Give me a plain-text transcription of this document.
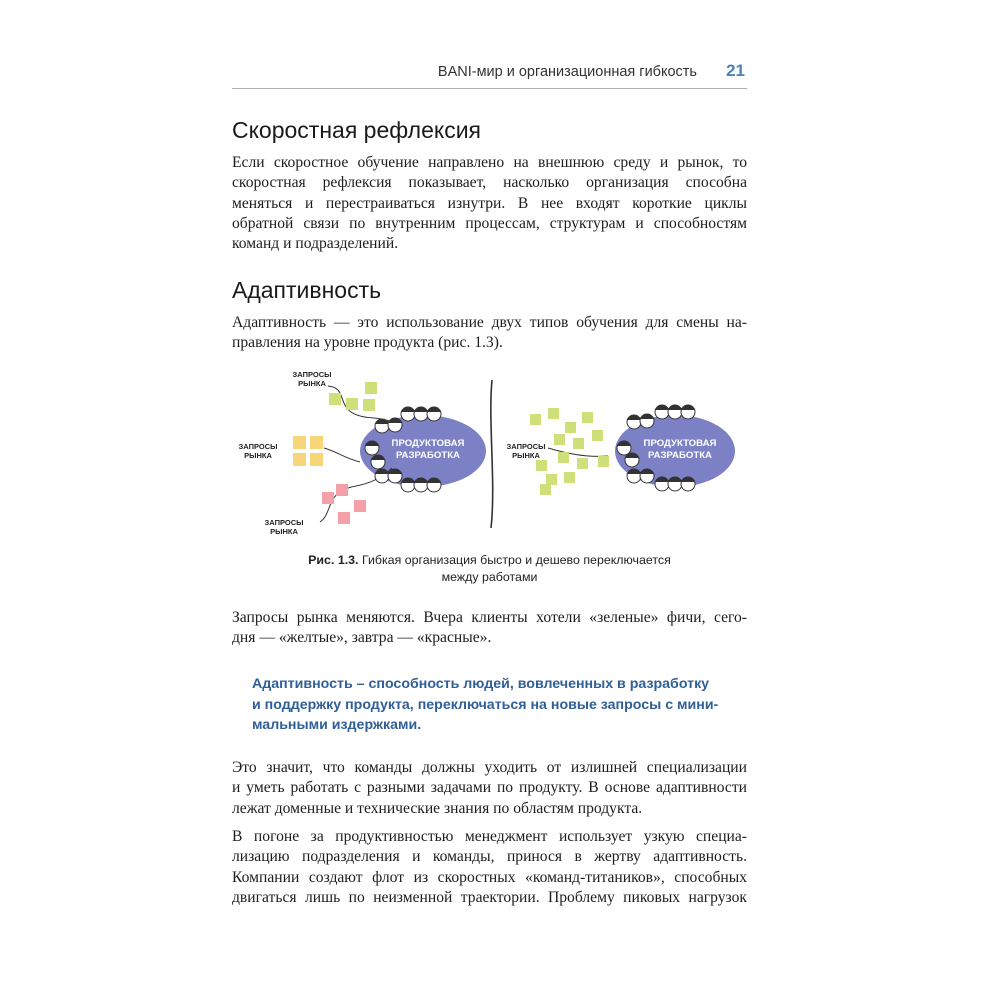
BANI-мир и организационная гибкость 21
Скоростная рефлексия

Если скоростное обучение направлено на внешнюю среду и рынок, то
скоростная рефлексия показывает, насколько организация способна
меняться и перестраиваться изнутри. В нее входят короткие циклы
обратной связи по внутренним процессам, структурам и способностям
команд и подразделений.

Адаптивность

Адаптивность — это использование двух типов обучения для смены на-
правления на уровне продукта (рис. 1.3).

ЗАПРОСЫ
РЫНКА
ЗАПРОСЫ
РЫНКА
ЗАПРОСЫ
РЫНКА
ЗАПРОСЫ
РЫНКА
ПРОДУКТОВАЯ
РАЗРАБОТКА
ПРОДУКТОВАЯ
РАЗРАБОТКА

Рис. 1.3. Гибкая организация быстро и дешево переключается
между работами

Запросы рынка меняются. Вчера клиенты хотели «зеленые» фичи, сего-
дня — «желтые», завтра — «красные».

Адаптивность – способность людей, вовлеченных в разработку
и поддержку продукта, переключаться на новые запросы с мини-
мальными издержками.

Это значит, что команды должны уходить от излишней специализации
и уметь работать с разными задачами по продукту. В основе адаптивности
лежат доменные и технические знания по областям продукта.

В погоне за продуктивностью менеджмент использует узкую специа-
лизацию подразделения и команды, принося в жертву адаптивность.
Компании создают флот из скоростных «команд-титаников», способных
двигаться лишь по неизменной траектории. Проблему пиковых нагрузок
